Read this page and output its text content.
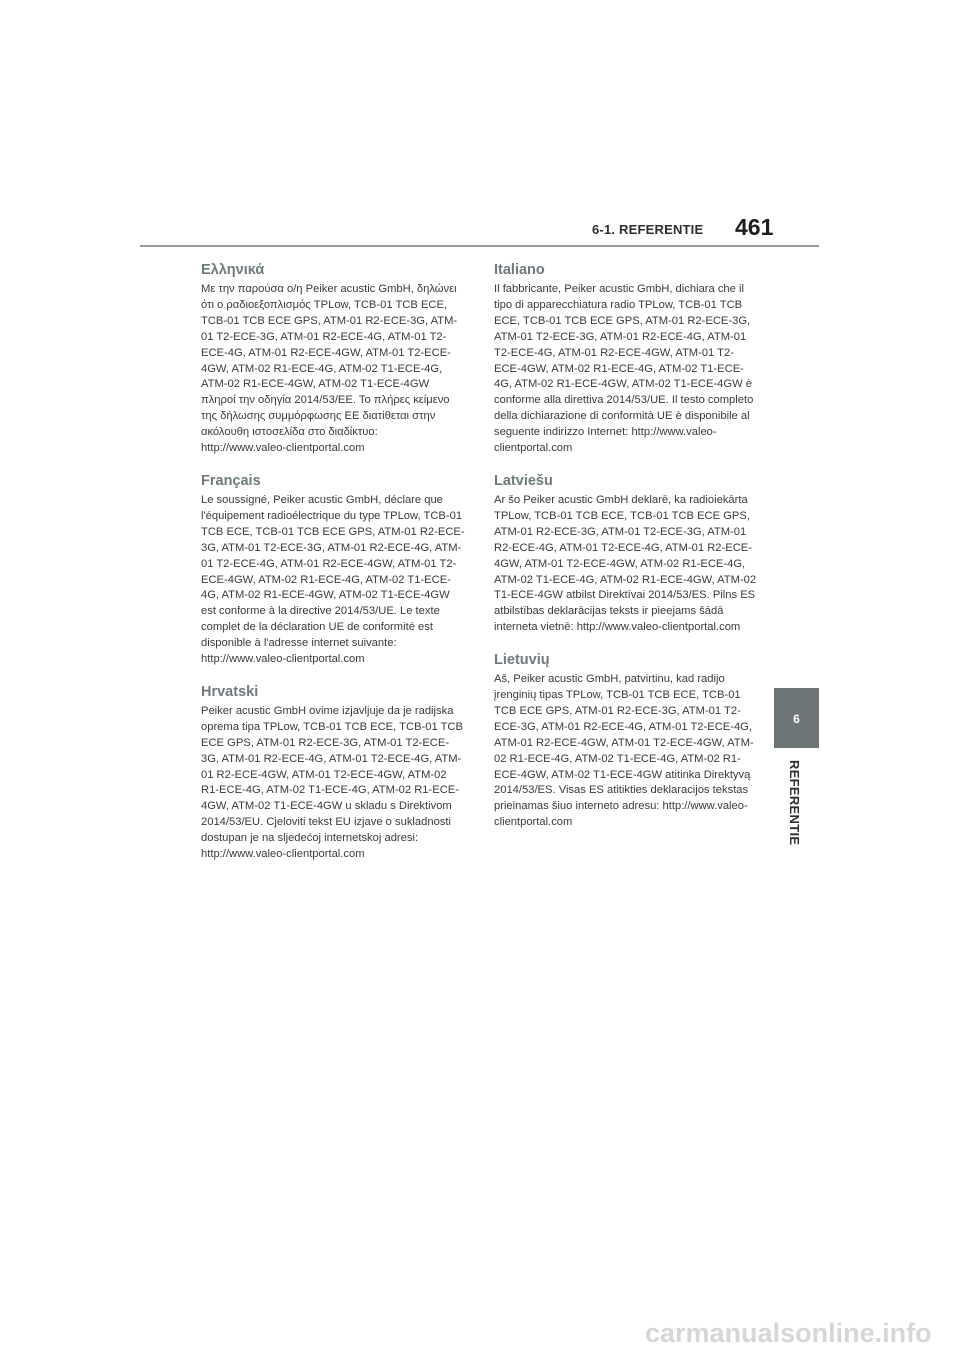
6-1. REFERENTIE 461
6
REFERENTIE
Ελληνικά

Με την παρούσα ο/η Peiker acustic GmbH, δηλώνει ότι ο ραδιοεξοπλισμός TPLow, TCB-01 TCB ECE, TCB-01 TCB ECE GPS, ATM-01 R2-ECE-3G, ATM-01 T2-ECE-3G, ATM-01 R2-ECE-4G, ATM-01 T2-ECE-4G, ATM-01 R2-ECE-4GW, ATM-01 T2-ECE-4GW, ATM-02 R1-ECE-4G, ATM-02 T1-ECE-4G, ATM-02 R1-ECE-4GW, ATM-02 T1-ECE-4GW πληροί την οδηγία 2014/53/ΕΕ. Το πλήρες κείμενο της δήλωσης συμμόρφωσης ΕΕ διατίθεται στην ακόλουθη ιστοσελίδα στο διαδίκτυο: http://www.valeo-clientportal.com

Français

Le soussigné, Peiker acustic GmbH, déclare que l'équipement radioélectrique du type TPLow, TCB-01 TCB ECE, TCB-01 TCB ECE GPS, ATM-01 R2-ECE-3G, ATM-01 T2-ECE-3G, ATM-01 R2-ECE-4G, ATM-01 T2-ECE-4G, ATM-01 R2-ECE-4GW, ATM-01 T2-ECE-4GW, ATM-02 R1-ECE-4G, ATM-02 T1-ECE-4G, ATM-02 R1-ECE-4GW, ATM-02 T1-ECE-4GW est conforme à la directive 2014/53/UE. Le texte complet de la déclaration UE de conformité est disponible à l'adresse internet suivante: http://www.valeo-clientportal.com

Hrvatski

Peiker acustic GmbH ovime izjavljuje da je radijska oprema tipa TPLow, TCB-01 TCB ECE, TCB-01 TCB ECE GPS, ATM-01 R2-ECE-3G, ATM-01 T2-ECE-3G, ATM-01 R2-ECE-4G, ATM-01 T2-ECE-4G, ATM-01 R2-ECE-4GW, ATM-01 T2-ECE-4GW, ATM-02 R1-ECE-4G, ATM-02 T1-ECE-4G, ATM-02 R1-ECE-4GW, ATM-02 T1-ECE-4GW u skladu s Direktivom 2014/53/EU. Cjeloviti tekst EU izjave o sukladnosti dostupan je na sljedećoj internetskoj adresi: http://www.valeo-clientportal.com

Italiano

Il fabbricante, Peiker acustic GmbH, dichiara che il tipo di apparecchiatura radio TPLow, TCB-01 TCB ECE, TCB-01 TCB ECE GPS, ATM-01 R2-ECE-3G, ATM-01 T2-ECE-3G, ATM-01 R2-ECE-4G, ATM-01 T2-ECE-4G, ATM-01 R2-ECE-4GW, ATM-01 T2-ECE-4GW, ATM-02 R1-ECE-4G, ATM-02 T1-ECE-4G, ATM-02 R1-ECE-4GW, ATM-02 T1-ECE-4GW è conforme alla direttiva 2014/53/UE. Il testo completo della dichiarazione di conformità UE è disponibile al seguente indirizzo Internet: http://www.valeo-clientportal.com

Latviešu

Ar šo Peiker acustic GmbH deklarē, ka radioiekārta TPLow, TCB-01 TCB ECE, TCB-01 TCB ECE GPS, ATM-01 R2-ECE-3G, ATM-01 T2-ECE-3G, ATM-01 R2-ECE-4G, ATM-01 T2-ECE-4G, ATM-01 R2-ECE-4GW, ATM-01 T2-ECE-4GW, ATM-02 R1-ECE-4G, ATM-02 T1-ECE-4G, ATM-02 R1-ECE-4GW, ATM-02 T1-ECE-4GW atbilst Direktīvai 2014/53/ES. Pilns ES atbilstības deklarācijas teksts ir pieejams šādā interneta vietnē: http://www.valeo-clientportal.com

Lietuvių

Aš, Peiker acustic GmbH, patvirtinu, kad radijo įrenginių tipas TPLow, TCB-01 TCB ECE, TCB-01 TCB ECE GPS, ATM-01 R2-ECE-3G, ATM-01 T2-ECE-3G, ATM-01 R2-ECE-4G, ATM-01 T2-ECE-4G, ATM-01 R2-ECE-4GW, ATM-01 T2-ECE-4GW, ATM-02 R1-ECE-4G, ATM-02 T1-ECE-4G, ATM-02 R1-ECE-4GW, ATM-02 T1-ECE-4GW atitinka Direktyvą 2014/53/ES. Visas ES atitikties deklaracijos tekstas prieinamas šiuo interneto adresu: http://www.valeo-clientportal.com

carmanualsonline.info
